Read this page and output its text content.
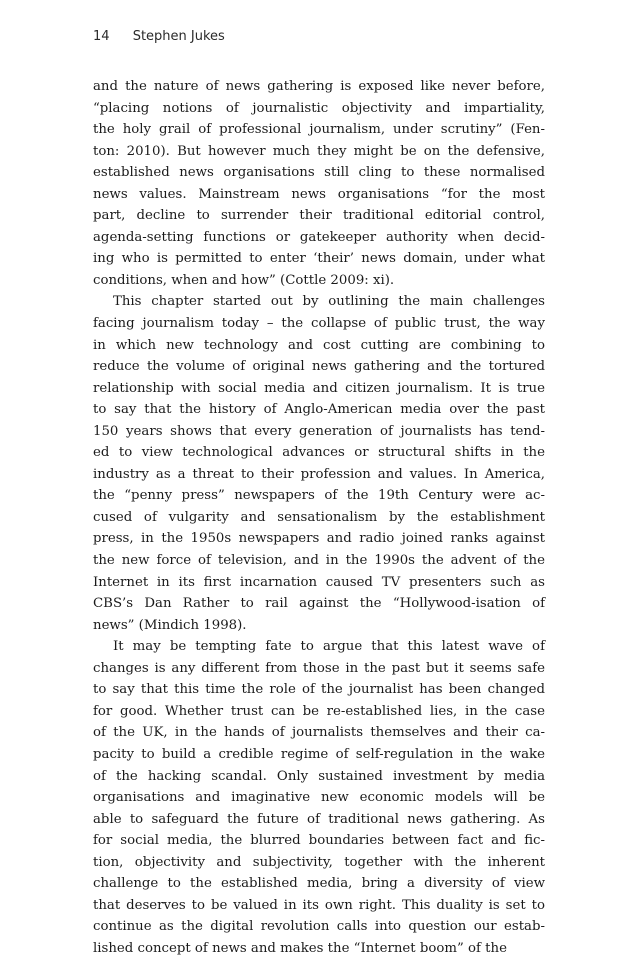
14 Stephen Jukes
and the nature of news gathering is exposed like never before,
“placing notions of journalistic objectivity and impartiality,
the holy grail of professional journalism, under scrutiny” (Fen-
ton: 2010). But however much they might be on the defensive,
established news organisations still cling to these normalised
news values. Mainstream news organisations “for the most
part, decline to surrender their traditional editorial control,
agenda-setting functions or gatekeeper authority when decid-
ing who is permitted to enter ‘their’ news domain, under what
conditions, when and how” (Cottle 2009: xi).
This chapter started out by outlining the main challenges
facing journalism today – the collapse of public trust, the way
in which new technology and cost cutting are combining to
reduce the volume of original news gathering and the tortured
relationship with social media and citizen journalism. It is true
to say that the history of Anglo-American media over the past
150 years shows that every generation of journalists has tend-
ed to view technological advances or structural shifts in the
industry as a threat to their profession and values. In America,
the “penny press” newspapers of the 19th Century were ac-
cused of vulgarity and sensationalism by the establishment
press, in the 1950s newspapers and radio joined ranks against
the new force of television, and in the 1990s the advent of the
Internet in its first incarnation caused TV presenters such as
CBS’s Dan Rather to rail against the “Hollywood-isation of
news” (Mindich 1998).
It may be tempting fate to argue that this latest wave of
changes is any different from those in the past but it seems safe
to say that this time the role of the journalist has been changed
for good. Whether trust can be re-established lies, in the case
of the UK, in the hands of journalists themselves and their ca-
pacity to build a credible regime of self-regulation in the wake
of the hacking scandal. Only sustained investment by media
organisations and imaginative new economic models will be
able to safeguard the future of traditional news gathering. As
for social media, the blurred boundaries between fact and fic-
tion, objectivity and subjectivity, together with the inherent
challenge to the established media, bring a diversity of view
that deserves to be valued in its own right. This duality is set to
continue as the digital revolution calls into question our estab-
lished concept of news and makes the “Internet boom” of the
